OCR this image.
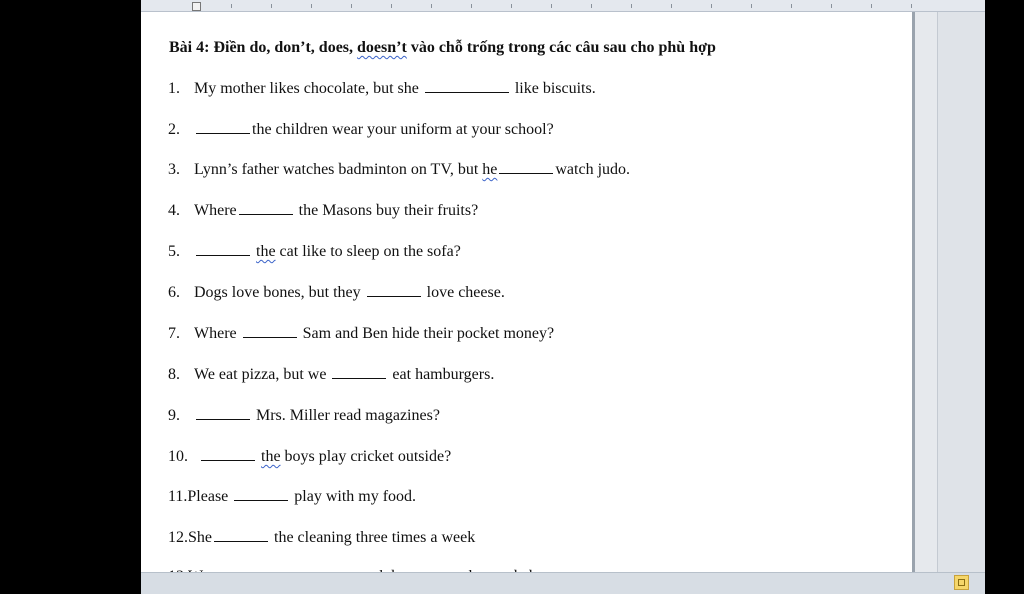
Bài 4: Điền do, don’t, does, doesn’t vào chỗ trống trong các câu sau cho phù hợp
1. My mother likes chocolate, but she	like biscuits.
2.	the children wear your uniform at your school?
3. Lynn’s father watches badminton on TV, but he	watch judo.
4. Where	the Masons buy their fruits?
5.	the cat like to sleep on the sofa?
6. Dogs love bones, but they	love cheese.
7. Where	Sam and Ben hide their pocket money?
8. We eat pizza, but we	eat hamburgers.
9.	Mrs. Miller read magazines?
10.	the boys play cricket outside?
11.Please	play with my food.
12.She	the cleaning three times a week
